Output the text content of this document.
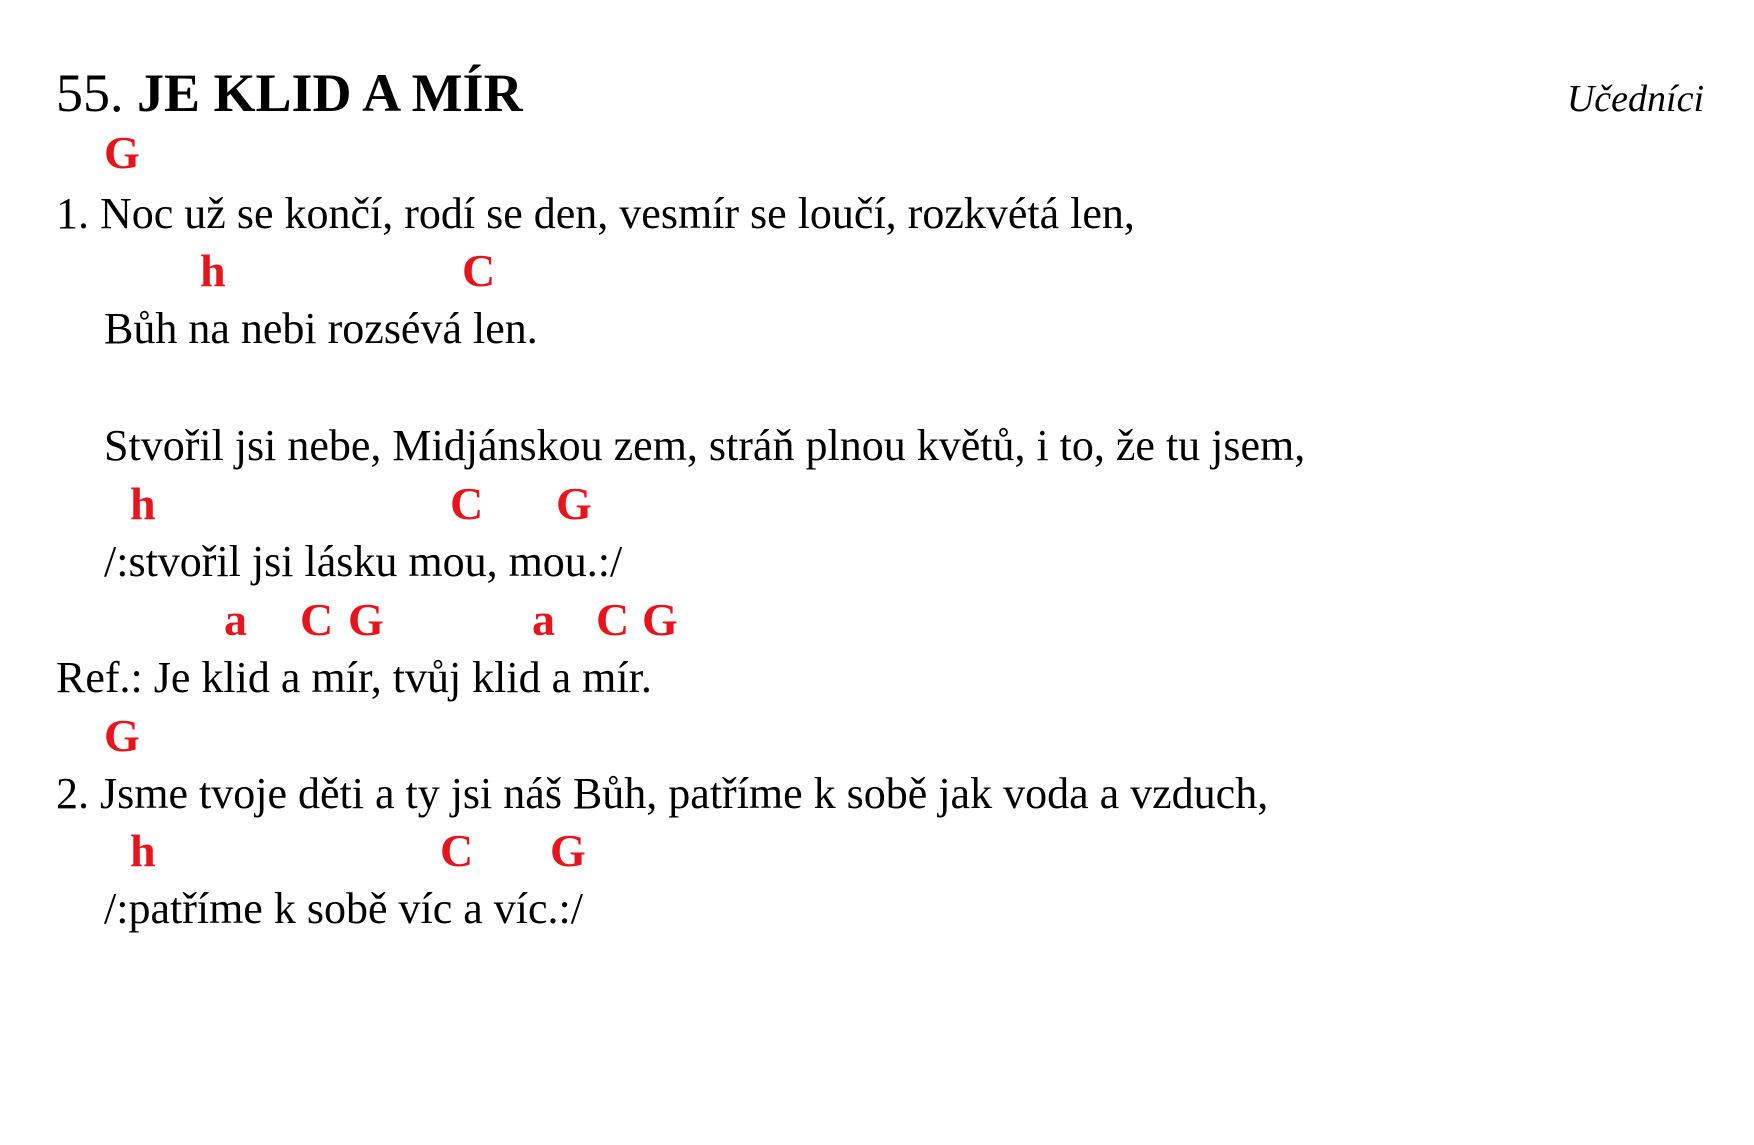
55. JE KLID A MÍR	Učedníci
G
1. Noc už se končí, rodí se den, vesmír se loučí, rozkvétá len,
h	C
Bůh na nebi rozsévá len.
Stvořil jsi nebe, Midjánskou zem, stráň plnou květů, i to, že tu jsem,
h	C G
/:stvořil jsi lásku mou, mou.:/
a C G	a C G
Ref.: Je klid a mír, tvůj klid a mír.
G
2. Jsme tvoje děti a ty jsi náš Bůh, patříme k sobě jak voda a vzduch,
h	C G
/:patříme k sobě víc a víc.:/
